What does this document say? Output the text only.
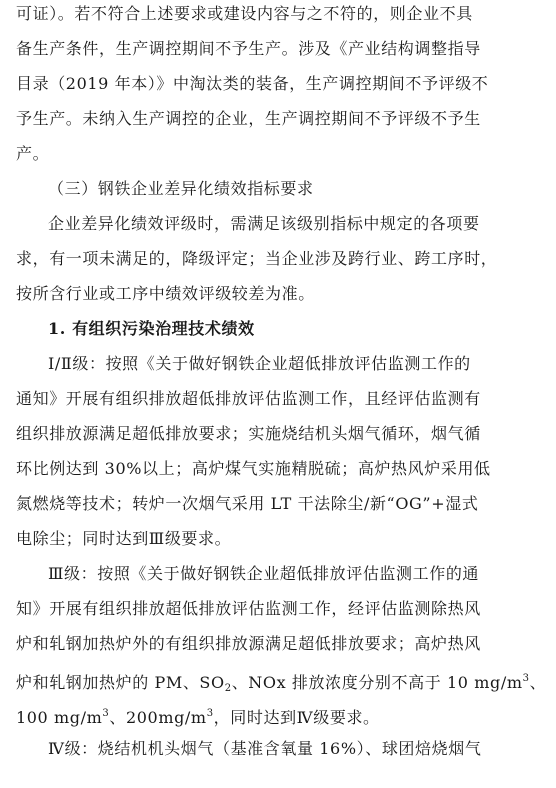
可证）。若不符合上述要求或建设内容与之不符的，则企业不具
备生产条件，生产调控期间不予生产。涉及《产业结构调整指导
目录（2019 年本）》中淘汰类的装备，生产调控期间不予评级不
予生产。未纳入生产调控的企业，生产调控期间不予评级不予生
产。
（三）钢铁企业差异化绩效指标要求
企业差异化绩效评级时，需满足该级别指标中规定的各项要
求，有一项未满足的，降级评定；当企业涉及跨行业、跨工序时，
按所含行业或工序中绩效评级较差为准。
1. 有组织污染治理技术绩效
Ⅰ/Ⅱ级：按照《关于做好钢铁企业超低排放评估监测工作的
通知》开展有组织排放超低排放评估监测工作，且经评估监测有
组织排放源满足超低排放要求；实施烧结机头烟气循环，烟气循
环比例达到 30%以上；高炉煤气实施精脱硫；高炉热风炉采用低
氮燃烧等技术；转炉一次烟气采用 LT 干法除尘/新“OG”+湿式
电除尘；同时达到Ⅲ级要求。
Ⅲ级：按照《关于做好钢铁企业超低排放评估监测工作的通
知》开展有组织排放超低排放评估监测工作，经评估监测除热风
炉和轧钢加热炉外的有组织排放源满足超低排放要求；高炉热风
炉和轧钢加热炉的 PM、$SO_2$、NOx 排放浓度分别不高于 10 $mg/m^3$、
100 $mg/m^3$、$200mg/m^3$，同时达到Ⅳ级要求。
Ⅳ级：烧结机机头烟气（基准含氧量 16%）、球团焙烧烟气
